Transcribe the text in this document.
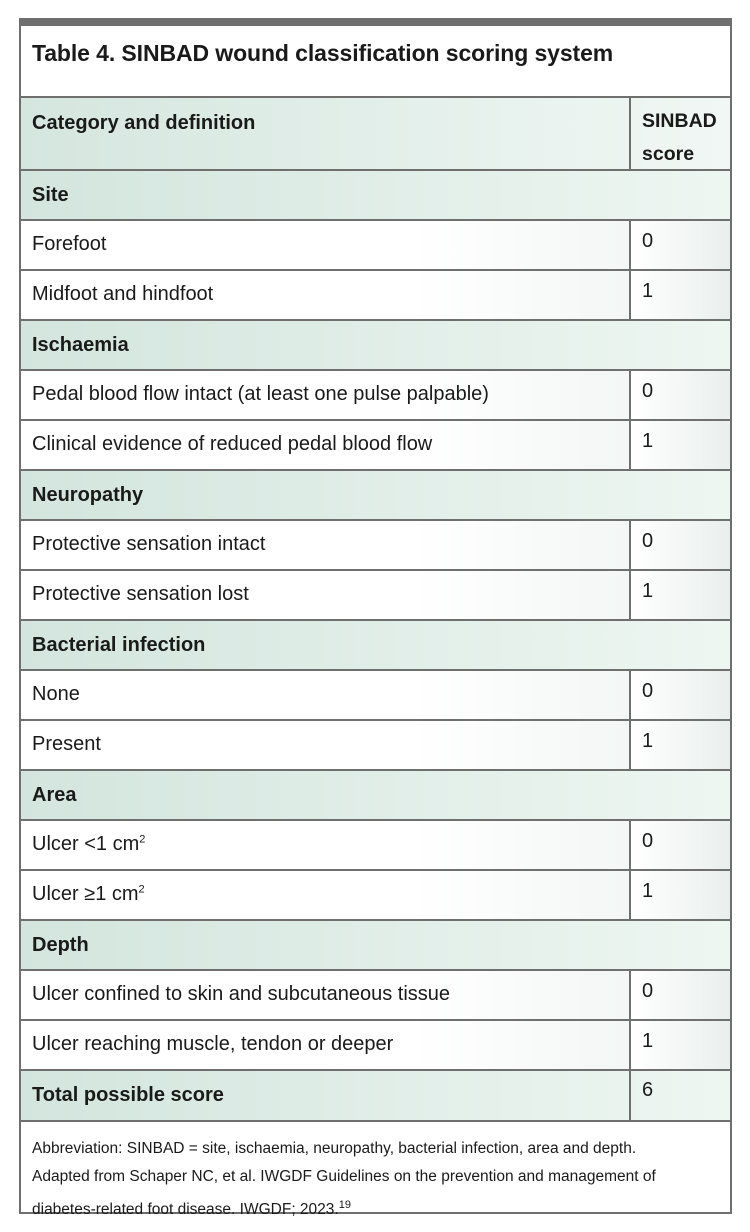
Table 4. SINBAD wound classification scoring system
Category and definition	SINBAD
score
Site
Forefoot	0
Midfoot and hindfoot	1
Ischaemia
Pedal blood flow intact (at least one pulse palpable)	0
Clinical evidence of reduced pedal blood flow	1
Neuropathy
Protective sensation intact	0
Protective sensation lost	1
Bacterial infection
None	0
Present	1
Area
Ulcer <1 $cm^2$	0
Ulcer ≥1 $cm^2$	1
Depth
Ulcer confined to skin and subcutaneous tissue	0
Ulcer reaching muscle, tendon or deeper	1
Total possible score	6
Abbreviation: SINBAD = site, ischaemia, neuropathy, bacterial infection, area and depth.
Adapted from Schaper NC, et al. IWGDF Guidelines on the prevention and management of
diabetes-related foot disease. IWGDF; 2023.19
